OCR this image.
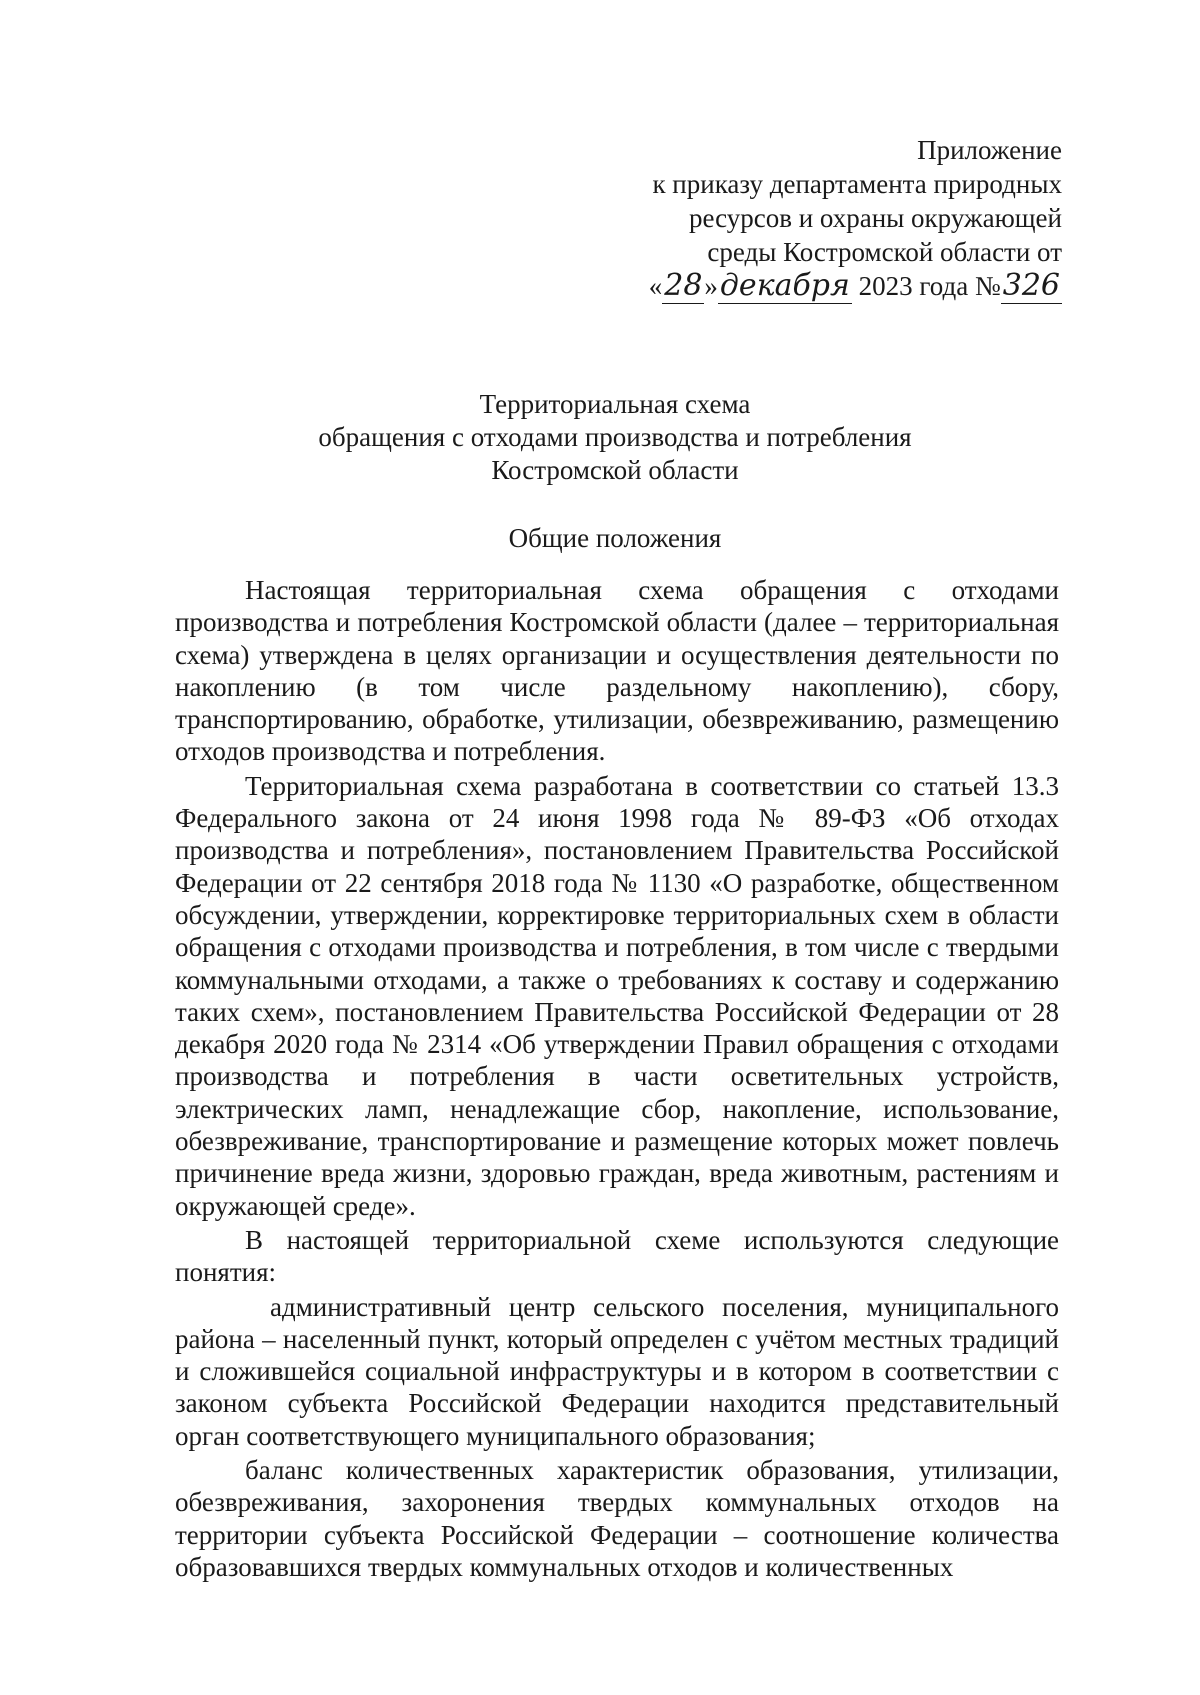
Приложение
к приказу департамента природных
ресурсов и охраны окружающей
среды Костромской области от
«28»декабря 2023 года №326
Территориальная схема
обращения с отходами производства и потребления
Костромской области
Общие положения

Настоящая территориальная схема обращения с отходами производства и потребления Костромской области (далее – территориальная схема) утверждена в целях организации и осуществления деятельности по накоплению (в том числе раздельному накоплению), сбору, транспортированию, обработке, утилизации, обезвреживанию, размещению отходов производства и потребления.

Территориальная схема разработана в соответствии со статьей 13.3 Федерального закона от 24 июня 1998 года № 89-ФЗ «Об отходах производства и потребления», постановлением Правительства Российской Федерации от 22 сентября 2018 года № 1130 «О разработке, общественном обсуждении, утверждении, корректировке территориальных схем в области обращения с отходами производства и потребления, в том числе с твердыми коммунальными отходами, а также о требованиях к составу и содержанию таких схем», постановлением Правительства Российской Федерации от 28 декабря 2020 года № 2314 «Об утверждении Правил обращения с отходами производства и потребления в части осветительных устройств, электрических ламп, ненадлежащие сбор, накопление, использование, обезвреживание, транспортирование и размещение которых может повлечь причинение вреда жизни, здоровью граждан, вреда животным, растениям и окружающей среде».

В настоящей территориальной схеме используются следующие понятия:

административный центр сельского поселения, муниципального района – населенный пункт, который определен с учётом местных традиций и сложившейся социальной инфраструктуры и в котором в соответствии с законом субъекта Российской Федерации находится представительный орган соответствующего муниципального образования;

баланс количественных характеристик образования, утилизации, обезвреживания, захоронения твердых коммунальных отходов на территории субъекта Российской Федерации – соотношение количества образовавшихся твердых коммунальных отходов и количественных
